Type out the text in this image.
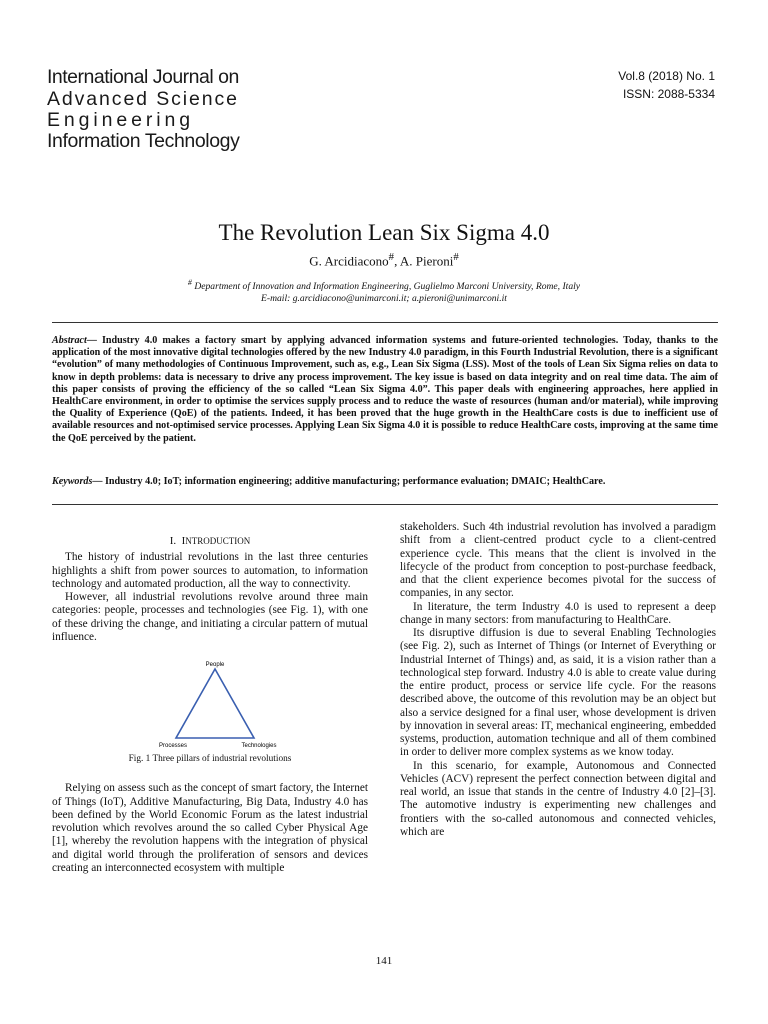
International Journal on
Advanced Science
Engineering
Information Technology
Vol.8 (2018) No. 1
ISSN: 2088-5334
The Revolution Lean Six Sigma 4.0
G. Arcidiacono#, A. Pieroni#
# Department of Innovation and Information Engineering, Guglielmo Marconi University, Rome, Italy
E-mail: g.arcidiacono@unimarconi.it; a.pieroni@unimarconi.it
Abstract— Industry 4.0 makes a factory smart by applying advanced information systems and future-oriented technologies. Today, thanks to the application of the most innovative digital technologies offered by the new Industry 4.0 paradigm, in this Fourth Industrial Revolution, there is a significant “evolution” of many methodologies of Continuous Improvement, such as, e.g., Lean Six Sigma (LSS). Most of the tools of Lean Six Sigma relies on data to know in depth problems: data is necessary to drive any process improvement. The key issue is based on data integrity and on real time data. The aim of this paper consists of proving the efficiency of the so called “Lean Six Sigma 4.0”. This paper deals with engineering approaches, here applied in HealthCare environment, in order to optimise the services supply process and to reduce the waste of resources (human and/or material), while improving the Quality of Experience (QoE) of the patients. Indeed, it has been proved that the huge growth in the HealthCare costs is due to inefficient use of available resources and not-optimised service processes. Applying Lean Six Sigma 4.0 it is possible to reduce HealthCare costs, improving at the same time the QoE perceived by the patient.
Keywords— Industry 4.0; IoT; information engineering; additive manufacturing; performance evaluation; DMAIC; HealthCare.
I. INTRODUCTION

The history of industrial revolutions in the last three centuries highlights a shift from power sources to automation, to information technology and automated production, all the way to connectivity.

However, all industrial revolutions revolve around three main categories: people, processes and technologies (see Fig. 1), with one of these driving the change, and initiating a circular pattern of mutual influence.

People
Processes	Technologies
Fig. 1 Three pillars of industrial revolutions

Relying on assess such as the concept of smart factory, the Internet of Things (IoT), Additive Manufacturing, Big Data, Industry 4.0 has been defined by the World Economic Forum as the latest industrial revolution which revolves around the so called Cyber Physical Age [1], whereby the revolution happens with the integration of physical and digital world through the proliferation of sensors and devices creating an interconnected ecosystem with multiple

stakeholders. Such 4th industrial revolution has involved a paradigm shift from a client-centred product cycle to a client-centred experience cycle. This means that the client is involved in the lifecycle of the product from conception to post-purchase feedback, and that the client experience becomes pivotal for the success of companies, in any sector.

In literature, the term Industry 4.0 is used to represent a deep change in many sectors: from manufacturing to HealthCare.

Its disruptive diffusion is due to several Enabling Technologies (see Fig. 2), such as Internet of Things (or Internet of Everything or Industrial Internet of Things) and, as said, it is a vision rather than a technological step forward. Industry 4.0 is able to create value during the entire product, process or service life cycle. For the reasons described above, the outcome of this revolution may be an object but also a service designed for a final user, whose development is driven by innovation in several areas: IT, mechanical engineering, embedded systems, production, automation technique and all of them combined in order to deliver more complex systems as we know today.

In this scenario, for example, Autonomous and Connected Vehicles (ACV) represent the perfect connection between digital and real world, an issue that stands in the centre of Industry 4.0 [2]–[3]. The automotive industry is experimenting new challenges and frontiers with the so-called autonomous and connected vehicles, which are

141
